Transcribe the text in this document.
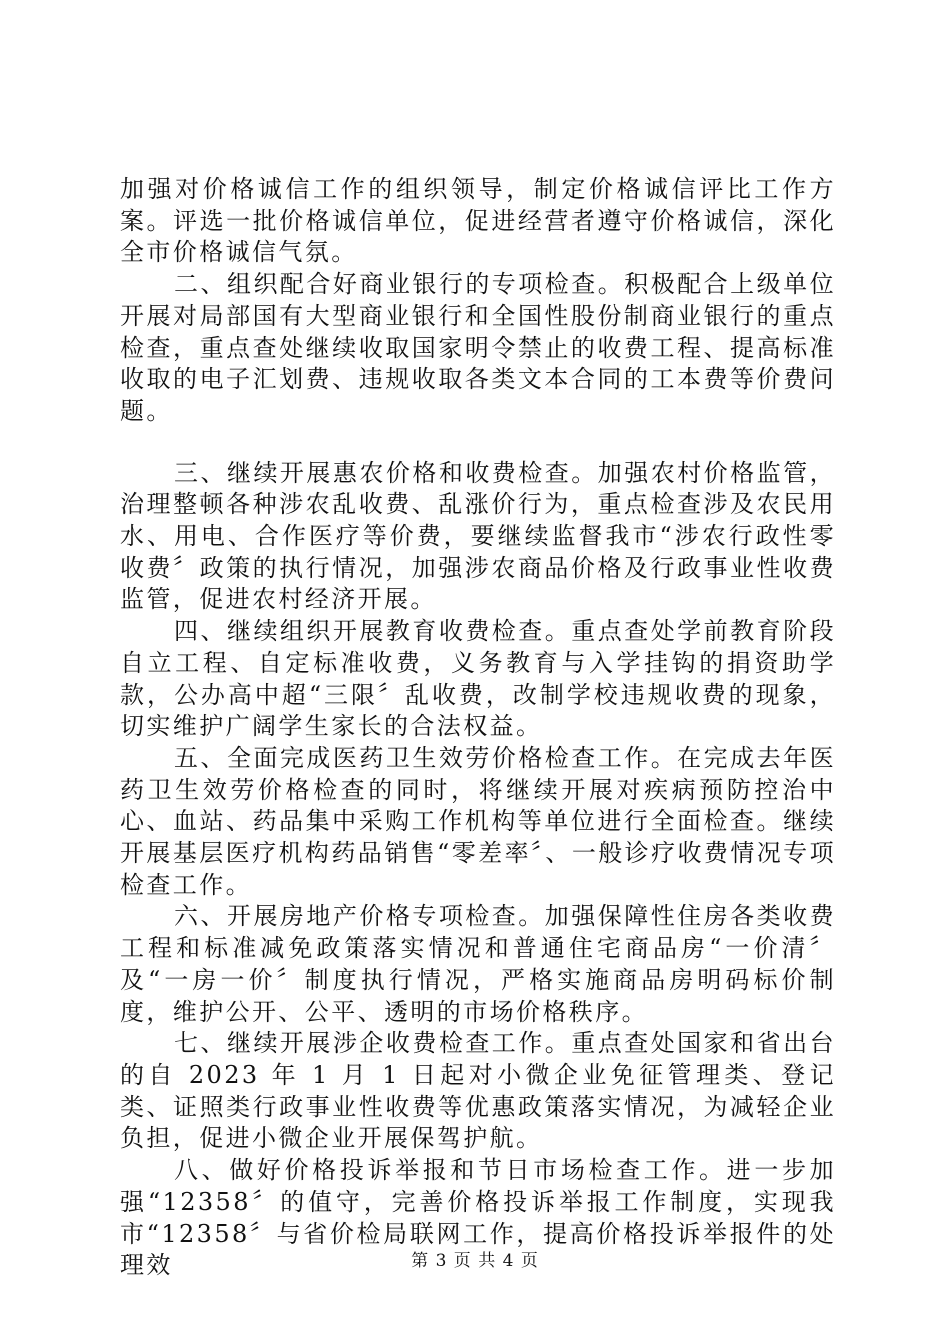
加强对价格诚信工作的组织领导，制定价格诚信评比工作方案。评选一批价格诚信单位，促进经营者遵守价格诚信，深化全市价格诚信气氛。

二、组织配合好商业银行的专项检查。积极配合上级单位开展对局部国有大型商业银行和全国性股份制商业银行的重点检查，重点查处继续收取国家明令禁止的收费工程、提高标准收取的电子汇划费、违规收取各类文本合同的工本费等价费问题。

三、继续开展惠农价格和收费检查。加强农村价格监管，治理整顿各种涉农乱收费、乱涨价行为，重点检查涉及农民用水、用电、合作医疗等价费，要继续监督我市“涉农行政性零收费〞政策的执行情况，加强涉农商品价格及行政事业性收费监管，促进农村经济开展。

四、继续组织开展教育收费检查。重点查处学前教育阶段自立工程、自定标准收费，义务教育与入学挂钩的捐资助学款，公办高中超“三限〞乱收费，改制学校违规收费的现象，切实维护广阔学生家长的合法权益。

五、全面完成医药卫生效劳价格检查工作。在完成去年医药卫生效劳价格检查的同时，将继续开展对疾病预防控治中心、血站、药品集中采购工作机构等单位进行全面检查。继续开展基层医疗机构药品销售“零差率〞、一般诊疗收费情况专项检查工作。

六、开展房地产价格专项检查。加强保障性住房各类收费工程和标准减免政策落实情况和普通住宅商品房“一价清〞及“一房一价〞制度执行情况，严格实施商品房明码标价制度，维护公开、公平、透明的市场价格秩序。

七、继续开展涉企收费检查工作。重点查处国家和省出台的自 2023 年 1 月 1 日起对小微企业免征管理类、登记类、证照类行政事业性收费等优惠政策落实情况，为减轻企业负担，促进小微企业开展保驾护航。

八、做好价格投诉举报和节日市场检查工作。进一步加强“12358〞的值守，完善价格投诉举报工作制度，实现我市“12358〞与省价检局联网工作，提高价格投诉举报件的处理效	第 3 页 共 4 页
